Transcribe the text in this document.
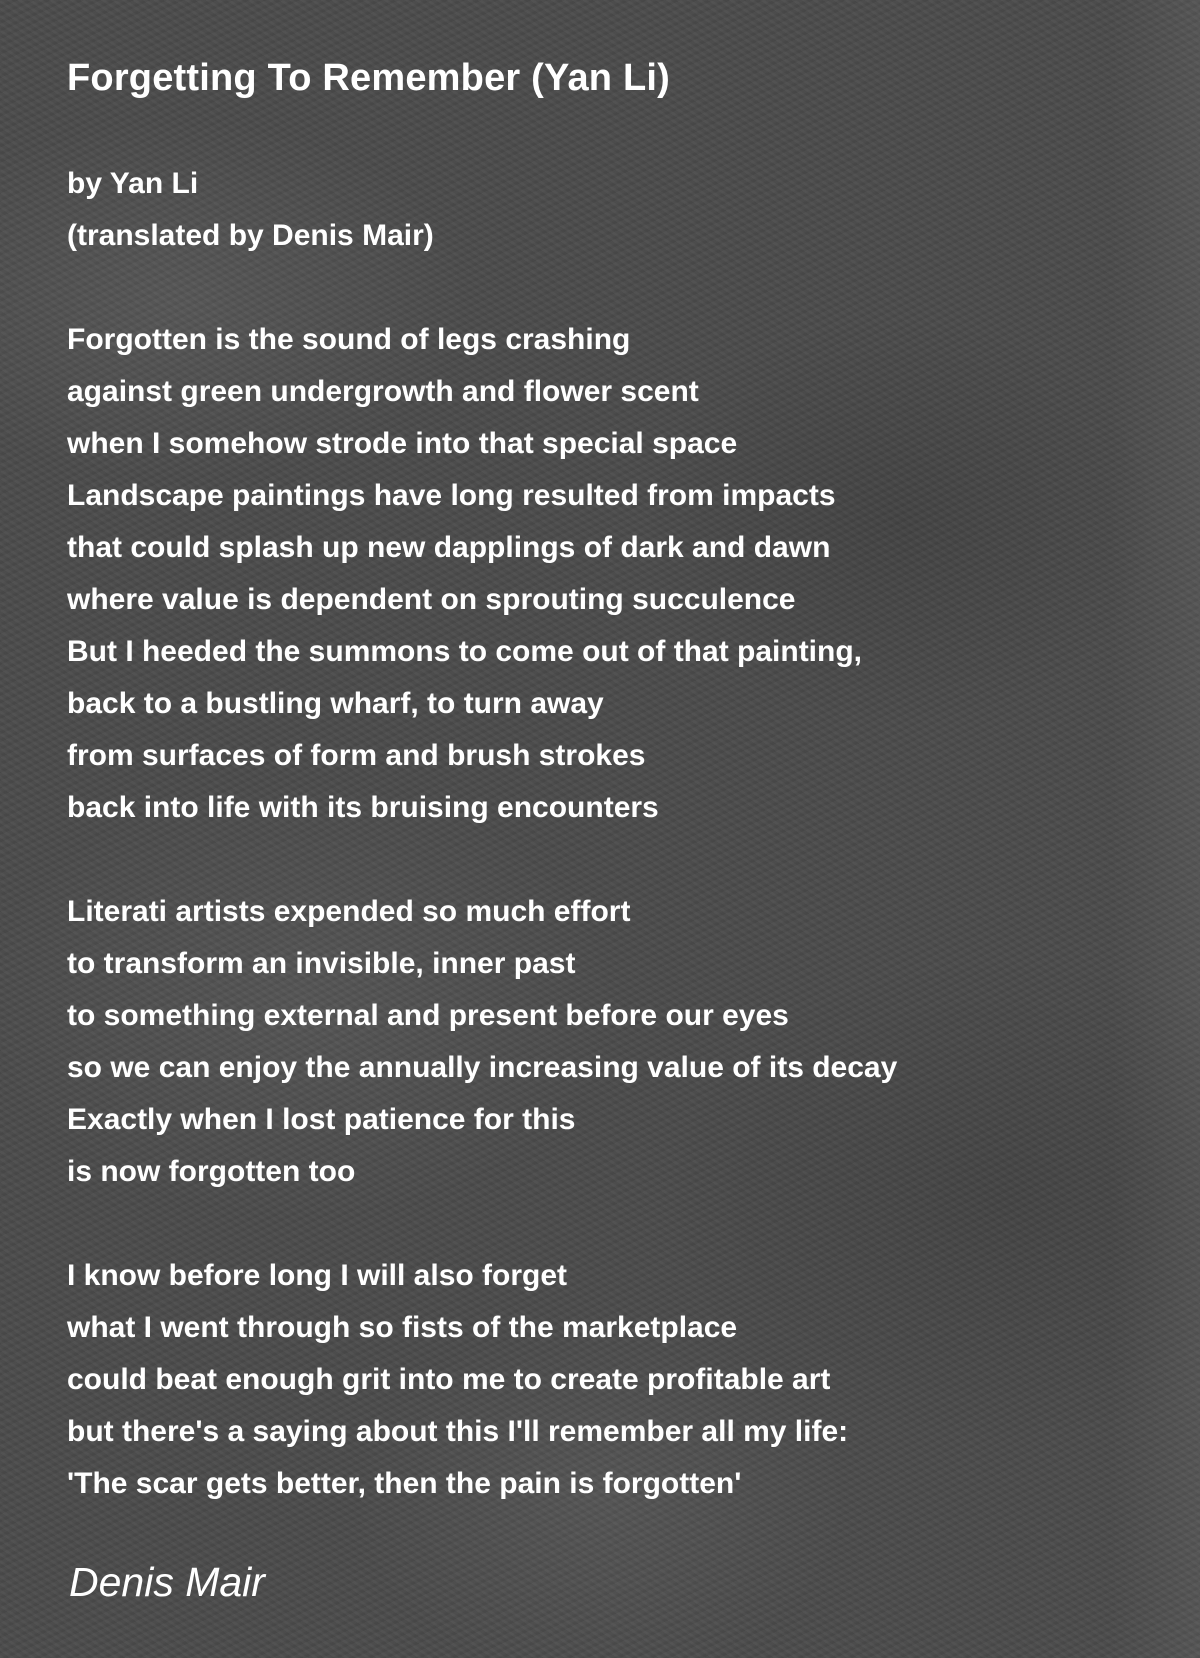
Forgetting To Remember (Yan Li)
by Yan Li
(translated by Denis Mair)
Forgotten is the sound of legs crashing
against green undergrowth and flower scent
when I somehow strode into that special space
Landscape paintings have long resulted from impacts
that could splash up new dapplings of dark and dawn
where value is dependent on sprouting succulence
But I heeded the summons to come out of that painting,
back to a bustling wharf, to turn away
from surfaces of form and brush strokes
back into life with its bruising encounters
Literati artists expended so much effort
to transform an invisible, inner past
to something external and present before our eyes
so we can enjoy the annually increasing value of its decay
Exactly when I lost patience for this
is now forgotten too
I know before long I will also forget
what I went through so fists of the marketplace
could beat enough grit into me to create profitable art
but there's a saying about this I'll remember all my life:
'The scar gets better, then the pain is forgotten'
Denis Mair
